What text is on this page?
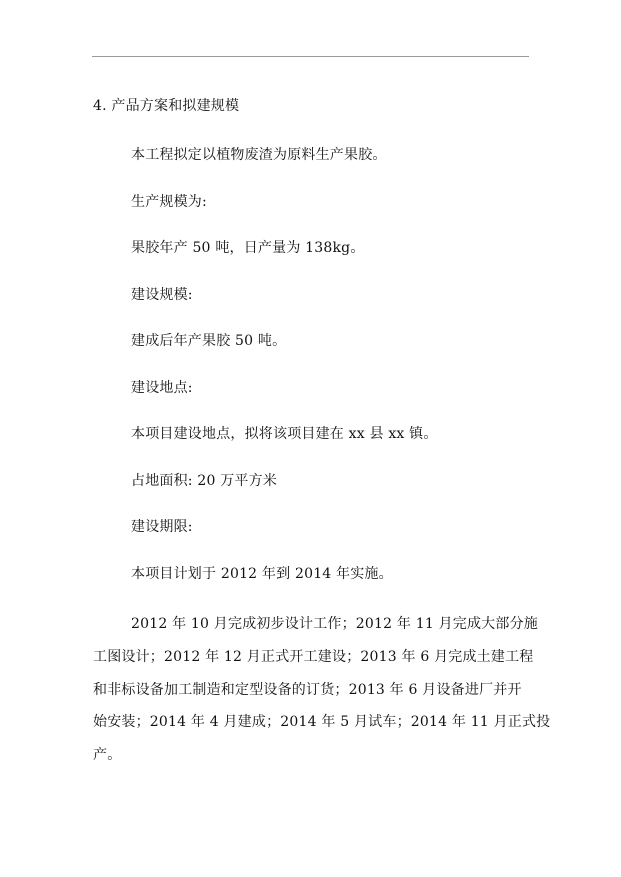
4. 产品方案和拟建规模
本工程拟定以植物废渣为原料生产果胶。
生产规模为:
果胶年产 50 吨，日产量为 138kg。
建设规模:
建成后年产果胶 50 吨。
建设地点:
本项目建设地点，拟将该项目建在 xx 县 xx 镇。
占地面积: 20 万平方米
建设期限:
本项目计划于 2012 年到 2014 年实施。
2012 年 10 月完成初步设计工作；2012 年 11 月完成大部分施
工图设计；2012 年 12 月正式开工建设；2013 年 6 月完成土建工程
和非标设备加工制造和定型设备的订货；2013 年 6 月设备进厂并开
始安装；2014 年 4 月建成；2014 年 5 月试车；2014 年 11 月正式投
产。
